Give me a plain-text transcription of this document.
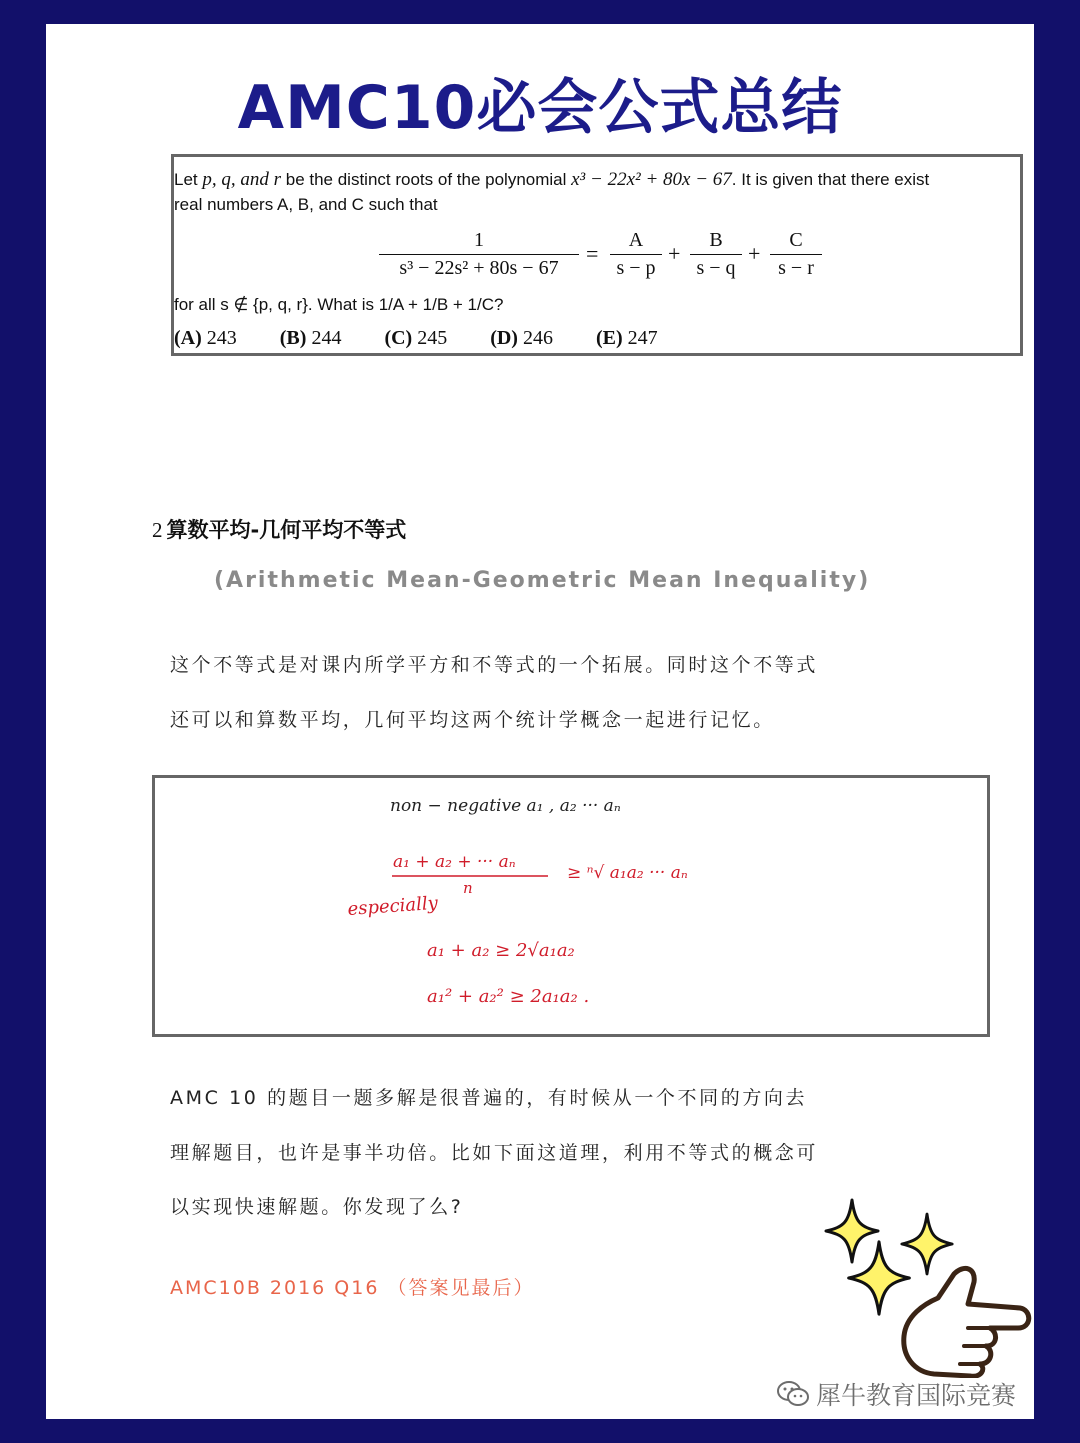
AMC10必会公式总结
Let p, q, and r be the distinct roots of the polynomial x³ − 22x² + 80x − 67. It is given that there exist
real numbers A, B, and C such that
$\frac{1}{\text{s³ − 22s² + 80s − 67}} = \frac{A}{s - p} + \frac{B}{s - q} + \frac{C}{s - r}$
for all s ∉ {p, q, r}. What is 1/A + 1/B + 1/C?
(A) 243 (B) 244 (C) 245 (D) 246 (E) 247
2 算数平均-几何平均不等式
(Arithmetic Mean-Geometric Mean Inequality)
这个不等式是对课内所学平方和不等式的一个拓展。同时这个不等式
还可以和算数平均，几何平均这两个统计学概念一起进行记忆。
non − negative a₁ , a₂ ··· aₙ
a₁ + a₂ + ··· aₙ
n
≥ ⁿ√ a₁a₂ ··· aₙ
especially
a₁ + a₂ ≥ 2√a₁a₂
a₁² + a₂² ≥ 2a₁a₂ .
AMC 10 的题目一题多解是很普遍的，有时候从一个不同的方向去
理解题目，也许是事半功倍。比如下面这道理，利用不等式的概念可
以实现快速解题。你发现了么?
AMC10B 2016 Q16 （答案见最后）
犀牛教育国际竞赛
